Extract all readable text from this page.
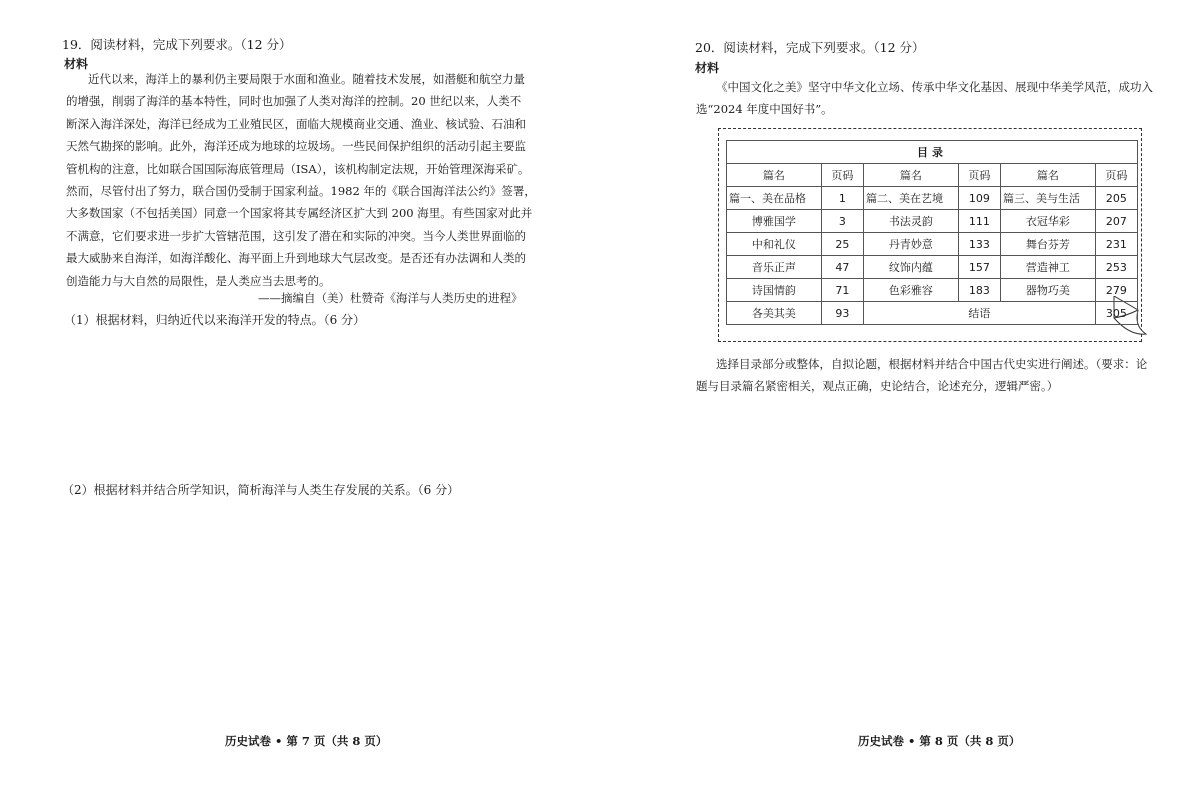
19．阅读材料，完成下列要求。（12 分）
材料
近代以来，海洋上的暴利仍主要局限于水面和渔业。随着技术发展，如潜艇和航空力量
的增强，削弱了海洋的基本特性，同时也加强了人类对海洋的控制。20 世纪以来，人类不
断深入海洋深处，海洋已经成为工业殖民区，面临大规模商业交通、渔业、核试验、石油和
天然气勘探的影响。此外，海洋还成为地球的垃圾场。一些民间保护组织的活动引起主要监
管机构的注意，比如联合国国际海底管理局（ISA），该机构制定法规，开始管理深海采矿。
然而，尽管付出了努力，联合国仍受制于国家利益。1982 年的《联合国海洋法公约》签署，
大多数国家（不包括美国）同意一个国家将其专属经济区扩大到 200 海里。有些国家对此并
不满意，它们要求进一步扩大管辖范围，这引发了潜在和实际的冲突。当今人类世界面临的
最大威胁来自海洋，如海洋酸化、海平面上升到地球大气层改变。是否还有办法调和人类的
创造能力与大自然的局限性，是人类应当去思考的。
——摘编自（美）杜赞奇《海洋与人类历史的进程》
（1）根据材料，归纳近代以来海洋开发的特点。（6 分）
（2）根据材料并结合所学知识，简析海洋与人类生存发展的关系。（6 分）
历史试卷 • 第 7 页（共 8 页）
20．阅读材料，完成下列要求。（12 分）
材料
《中国文化之美》坚守中华文化立场、传承中华文化基因、展现中华美学风范，成功入
选“2024 年度中国好书”。
目录					
篇名	页码	篇名	页码	篇名	页码
篇一、美在品格	1	篇二、美在艺境	109	篇三、美与生活	205
博雅国学	3	书法灵韵	111	衣冠华彩	207
中和礼仪	25	丹青妙意	133	舞台芬芳	231
音乐正声	47	纹饰内蕴	157	营造神工	253
诗国情韵	71	色彩雅容	183	器物巧美	279
各美其美	93	结语			305
选择目录部分或整体，自拟论题，根据材料并结合中国古代史实进行阐述。（要求：论
题与目录篇名紧密相关，观点正确，史论结合，论述充分，逻辑严密。）
历史试卷 • 第 8 页（共 8 页）
